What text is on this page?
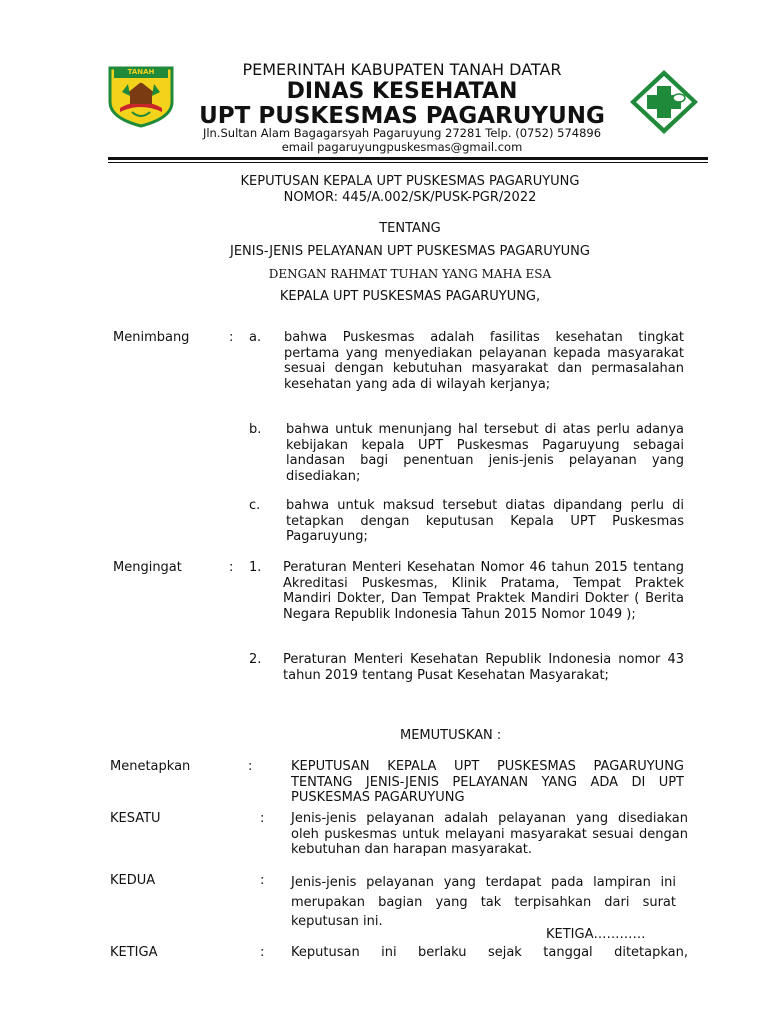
TANAH DATAR
PEMERINTAH KABUPATEN TANAH DATAR
DINAS KESEHATAN
UPT PUSKESMAS PAGARUYUNG
Jln.Sultan Alam Bagagarsyah Pagaruyung 27281 Telp. (0752) 574896
email pagaruyungpuskesmas@gmail.com
KEPUTUSAN KEPALA UPT PUSKESMAS PAGARUYUNG
NOMOR: 445/A.002/SK/PUSK-PGR/2022
TENTANG
JENIS-JENIS PELAYANAN UPT PUSKESMAS PAGARUYUNG
DENGAN RAHMAT TUHAN YANG MAHA ESA
KEPALA UPT PUSKESMAS PAGARUYUNG,
Menimbang	: a. bahwa Puskesmas adalah fasilitas kesehatan tingkat pertama yang menyediakan pelayanan kepada masyarakat sesuai dengan kebutuhan masyarakat dan permasalahan kesehatan yang ada di wilayah kerjanya;
b. bahwa untuk menunjang hal tersebut di atas perlu adanya kebijakan kepala UPT Puskesmas Pagaruyung sebagai landasan bagi penentuan jenis-jenis pelayanan yang disediakan;
c. bahwa untuk maksud tersebut diatas dipandang perlu di tetapkan dengan keputusan Kepala UPT Puskesmas Pagaruyung;
Mengingat	: 1. Peraturan Menteri Kesehatan Nomor 46 tahun 2015 tentang Akreditasi Puskesmas, Klinik Pratama, Tempat Praktek Mandiri Dokter, Dan Tempat Praktek Mandiri Dokter ( Berita Negara Republik Indonesia Tahun 2015 Nomor 1049 );
2. Peraturan Menteri Kesehatan Republik Indonesia nomor 43 tahun 2019 tentang Pusat Kesehatan Masyarakat;
MEMUTUSKAN :
Menetapkan	:	KEPUTUSAN KEPALA UPT PUSKESMAS PAGARUYUNG TENTANG JENIS-JENIS PELAYANAN YANG ADA DI UPT PUSKESMAS PAGARUYUNG
KESATU	: Jenis-jenis pelayanan adalah pelayanan yang disediakan oleh puskesmas untuk melayani masyarakat sesuai dengan kebutuhan dan harapan masyarakat.
KEDUA	: Jenis-jenis pelayanan yang terdapat pada lampiran ini merupakan bagian yang tak terpisahkan dari surat keputusan ini.
KETIGA…………
KETIGA	: Keputusan ini berlaku sejak tanggal ditetapkan,
